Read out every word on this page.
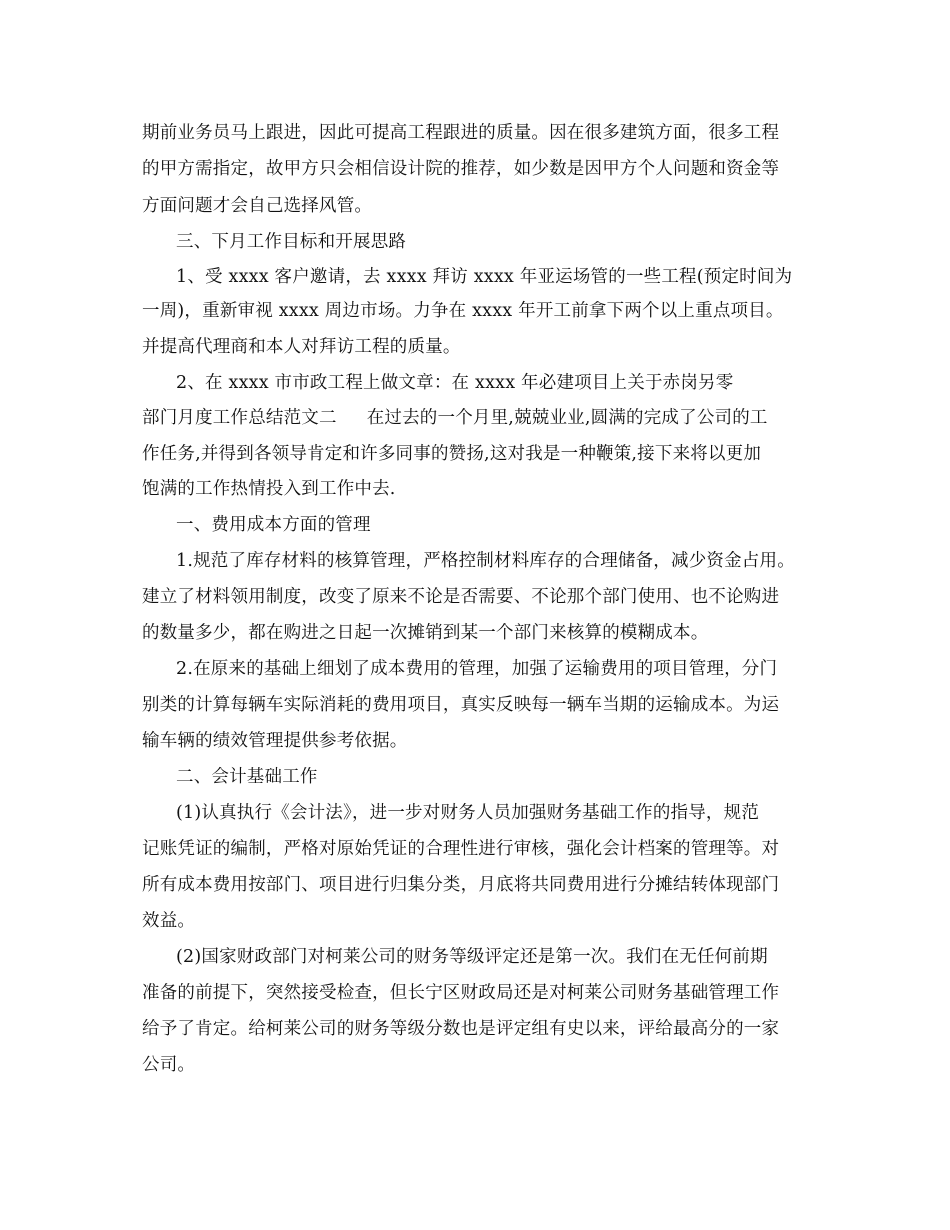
期前业务员马上跟进，因此可提高工程跟进的质量。因在很多建筑方面，很多工程
的甲方需指定，故甲方只会相信设计院的推荐，如少数是因甲方个人问题和资金等
方面问题才会自己选择风管。
三、下月工作目标和开展思路
1、受 xxxx 客户邀请，去 xxxx 拜访 xxxx 年亚运场管的一些工程(预定时间为
一周)，重新审视 xxxx 周边市场。力争在 xxxx 年开工前拿下两个以上重点项目。
并提高代理商和本人对拜访工程的质量。
2、在 xxxx 市市政工程上做文章：在 xxxx 年必建项目上关于赤岗另零
部门月度工作总结范文二 在过去的一个月里,兢兢业业,圆满的完成了公司的工
作任务,并得到各领导肯定和许多同事的赞扬,这对我是一种鞭策,接下来将以更加
饱满的工作热情投入到工作中去.
一、费用成本方面的管理
1.规范了库存材料的核算管理，严格控制材料库存的合理储备，减少资金占用。
建立了材料领用制度，改变了原来不论是否需要、不论那个部门使用、也不论购进
的数量多少，都在购进之日起一次摊销到某一个部门来核算的模糊成本。
2.在原来的基础上细划了成本费用的管理，加强了运输费用的项目管理，分门
别类的计算每辆车实际消耗的费用项目，真实反映每一辆车当期的运输成本。为运
输车辆的绩效管理提供参考依据。
二、会计基础工作
(1)认真执行《会计法》，进一步对财务人员加强财务基础工作的指导，规范
记账凭证的编制，严格对原始凭证的合理性进行审核，强化会计档案的管理等。对
所有成本费用按部门、项目进行归集分类，月底将共同费用进行分摊结转体现部门
效益。
(2)国家财政部门对柯莱公司的财务等级评定还是第一次。我们在无任何前期
准备的前提下，突然接受检查，但长宁区财政局还是对柯莱公司财务基础管理工作
给予了肯定。给柯莱公司的财务等级分数也是评定组有史以来，评给最高分的一家
公司。
